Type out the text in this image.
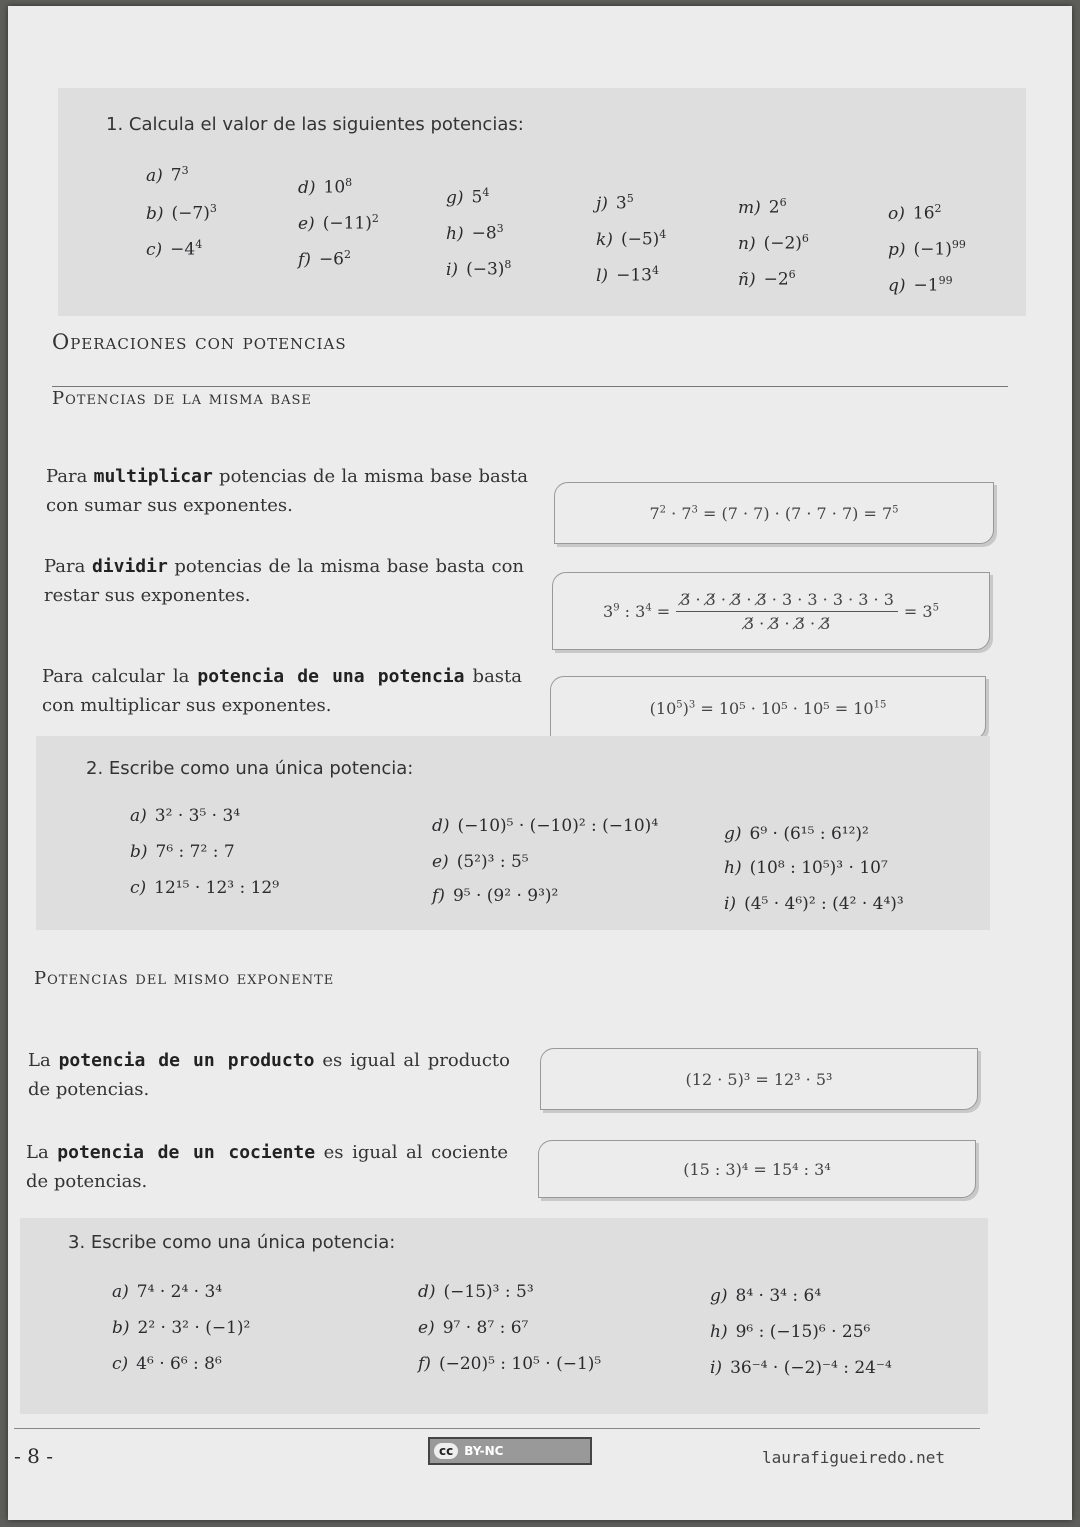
1. Calcula el valor de las siguientes potencias:
a) $7^3$
b) $(-7)^3$
$c) -4^4$
d) $10^8$
e) $(-11)^2$
$f) -6^2$
g) $5^4$
$h) -8^3$
i) $(-3)^8$
j) $3^5$
k) $(-5)^4$
$l) -13^4$
m) $2^6$
n) $(-2)^6$
ñ) $-2^6$
o) $16^2$
p) $(-1)^{99}$
$q) -1^{99}$
Operaciones con potencias
Potencias de la misma base
Para multiplicar potencias de la misma base basta con sumar sus exponentes.	$7^2 \cdot 7^3 = (7 \cdot 7) \cdot (7 \cdot 7 \cdot 7) = 7^5$
Para dividir potencias de la misma base basta con restar sus exponentes.
$3^9$ : $3^4 = \frac{3̸ \cdot 3̸ \cdot 3̸ \cdot 3̸ \cdot 3 \cdot 3 \cdot 3 \cdot 3 \cdot 3}{3̸ \cdot 3̸ \cdot 3̸ \cdot 3̸} = 3^5$
Para calcular la potencia de una potencia basta con multiplicar sus exponentes.	$(10^5)^3 = 10^5 \cdot 10^5 \cdot 10^5 = 10^{15}$
2. Escribe como una única potencia:
a) 3² · 3⁵ · 3⁴
b) 7⁶ : 7² : 7
c) 12¹⁵ · 12³ : 12⁹
d) (−10)⁵ · (−10)² : (−10)⁴
e) (5²)³ : 5⁵
f) 9⁵ · (9² · 9³)²
g) 6⁹ · (6¹⁵ : 6¹²)²
h) (10⁸ : 10⁵)³ · 10⁷
i) (4⁵ · 4⁶)² : (4² · 4⁴)³
Potencias del mismo exponente
La potencia de un producto es igual al producto de potencias.	(12 · 5)³ = 12³ · 5³
La potencia de un cociente es igual al cociente de potencias.
(15 : 3)⁴ = 15⁴ : 3⁴
3. Escribe como una única potencia:
a) 7⁴ · 2⁴ · 3⁴
b) 2² · 3² · (−1)²
c) 4⁶ · 6⁶ : 8⁶
d) (−15)³ : 5³
e) 9⁷ · 8⁷ : 6⁷
f) (−20)⁵ : 10⁵ · (−1)⁵
g) 8⁴ · 3⁴ : 6⁴
h) 9⁶ : (−15)⁶ · 25⁶
i) 36⁻⁴ · (−2)⁻⁴ : 24⁻⁴
- 8 -	cc BY-NC	laurafigueiredo.net
